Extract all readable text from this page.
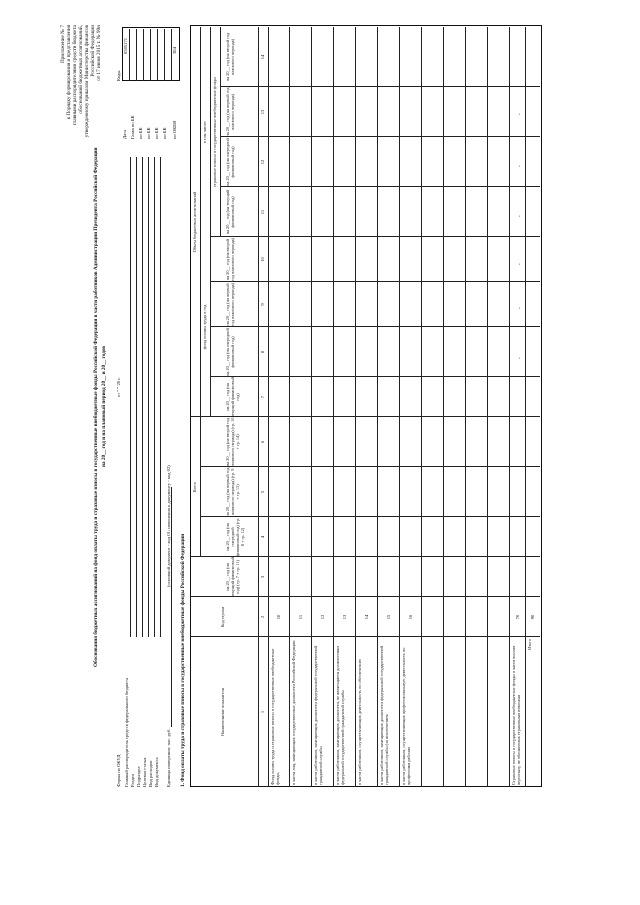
Приложение № 7 к Порядку формирования и представления главными распорядителями средств бюджета обоснований бюджетных ассигнований, утвержденному приказом Министерства финансов Российской Федерации от 17 июня 2015 г. № 90н
Обоснования бюджетных ассигнований на фонд оплаты труда и страховые взносы в государственные внебюджетные фонды Российской Федерации в части работников Администрации Президента Российской Федерации на 20__ год и на плановый период 20__ и 20__ годов
Коды
0505171	384
Форма по ОКУД
от " " 20 г.
Дата Глава по БК по БК по БК по БК по БК по ОКЕИ
Главный распорядитель средств федерального бюджета Раздел Подраздел Целевая статья Вид расходов Вид документа Единица измерения: тыс. руб.
(основной документ - код 01; изменения к документу - код 02)
1. Фонд оплаты труда и страховые взносы в государственные внебюджетные фонды Российской Федерации	Наименование показателя
Код строки
Всего
Объем бюджетных ассигнований
фонд оплаты труда в год
в том числе: страховые взносы в государственные внебюджетные фонды
на 20__ год (на текущий финансовый год) (гр. 7 + гр. 11)
на 20__ год (на очередной финансовый год) (гр. 8 + гр. 12)
на 20__ год (на первый год планового периода) (гр. 9 + гр. 13)
на 20__ год (на второй год планового периода) (гр. 10 + гр. 14)
на 20__ год (на текущий финансовый год)
на 20__ год (на очередной финансовый год)
на 20__ год (на первый год планового периода)
на 20__ год (на второй год планового периода)
на 20__ год (на текущий финансовый год)
на 20__ год (на очередной финансовый год)
на 20__ год (на первый год планового периода)
на 20__ год (на второй год планового периода)
1
2
3
4
5
6
7
8
9
10
11
12
13
14
Фонд оплаты труда и страховые взносы в государственные внебюджетные фонды,
10
в части лиц, замещающих государственные должности Российской Федерации
11
в части работников, замещающих должности федеральной государственной гражданской службы
12
в части работников, замещающих должности, не являющиеся должностями федеральной государственной гражданской службы
13
в части работников, осуществляющих деятельность по обеспечению
14
в части работников, замещающих должности федеральной государственной гражданской службы (за исключением
15
в части работников, осуществляющих профессиональную деятельность по профессиям рабочих
16
Страховые взносы в государственные внебюджетные фонды в части выплат персоналу, не обложенных страховыми взносами
70
Итого
90
-
-
-
-
-
-
